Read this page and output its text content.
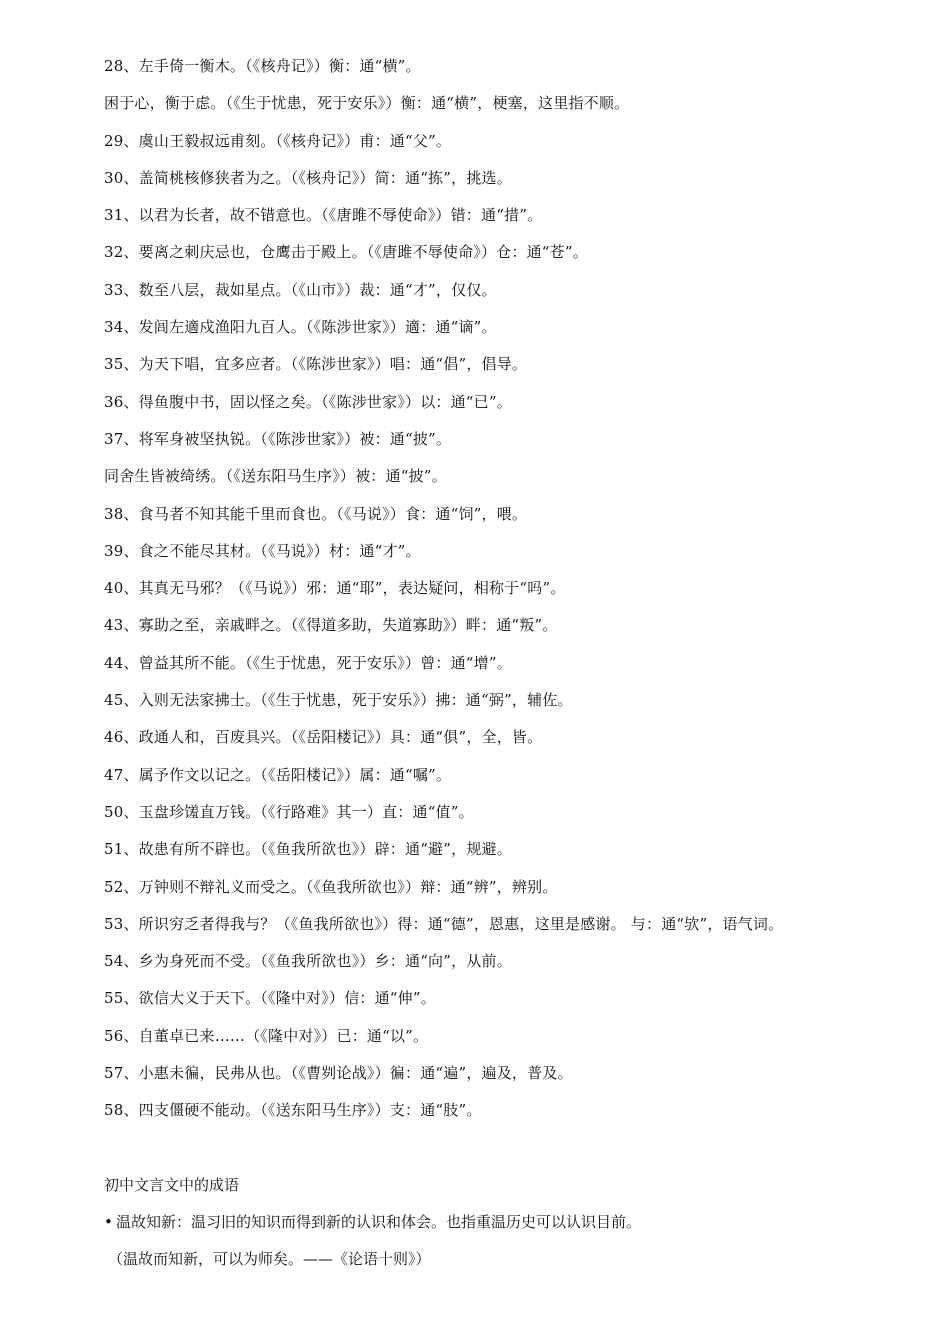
28、左手倚一衡木。（《核舟记》）衡：通“横”。
困于心，衡于虑。（《生于忧患，死于安乐》）衡：通“横”，梗塞，这里指不顺。
29、虞山王毅叔远甫刻。（《核舟记》）甫：通“父”。
30、盖简桃核修狭者为之。（《核舟记》）简：通“拣”，挑选。
31、以君为长者，故不错意也。（《唐雎不辱使命》）错：通“措”。
32、要离之刺庆忌也，仓鹰击于殿上。（《唐雎不辱使命》）仓：通“苍”。
33、数至八层，裁如星点。（《山市》）裁：通“才”，仅仅。
34、发闾左適戍渔阳九百人。（《陈涉世家》）適：通“谪”。
35、为天下唱，宜多应者。（《陈涉世家》）唱：通“倡”，倡导。
36、得鱼腹中书，固以怪之矣。（《陈涉世家》）以：通“已”。
37、将军身被坚执锐。（《陈涉世家》）被：通“披”。
同舍生皆被绮绣。（《送东阳马生序》）被：通“披”。
38、食马者不知其能千里而食也。（《马说》）食：通“饲”，喂。
39、食之不能尽其材。（《马说》）材：通“才”。
40、其真无马邪？（《马说》）邪：通“耶”，表达疑问，相称于“吗”。
43、寡助之至，亲戚畔之。（《得道多助，失道寡助》）畔：通“叛”。
44、曾益其所不能。（《生于忧患，死于安乐》）曾：通“增”。
45、入则无法家拂士。（《生于忧患，死于安乐》）拂：通“弼”，辅佐。
46、政通人和，百废具兴。（《岳阳楼记》）具：通“俱”，全，皆。
47、属予作文以记之。（《岳阳楼记》）属：通“嘱”。
50、玉盘珍馐直万钱。（《行路难》其一）直：通“值”。
51、故患有所不辟也。（《鱼我所欲也》）辟：通“避”，规避。
52、万钟则不辩礼义而受之。（《鱼我所欲也》）辩：通“辨”，辨别。
53、所识穷乏者得我与？（《鱼我所欲也》）得：通“德”，恩惠，这里是感谢。 与：通“欤”，语气词。
54、乡为身死而不受。（《鱼我所欲也》）乡：通“向”，从前。
55、欲信大义于天下。（《隆中对》）信：通“伸”。
56、自董卓已来……（《隆中对》）已：通“以”。
57、小惠未徧，民弗从也。（《曹刿论战》）徧：通“遍”，遍及，普及。
58、四支僵硬不能动。（《送东阳马生序》）支：通“肢”。
初中文言文中的成语
• 温故知新：温习旧的知识而得到新的认识和体会。也指重温历史可以认识目前。
（温故而知新，可以为师矣。——《论语十则》）
